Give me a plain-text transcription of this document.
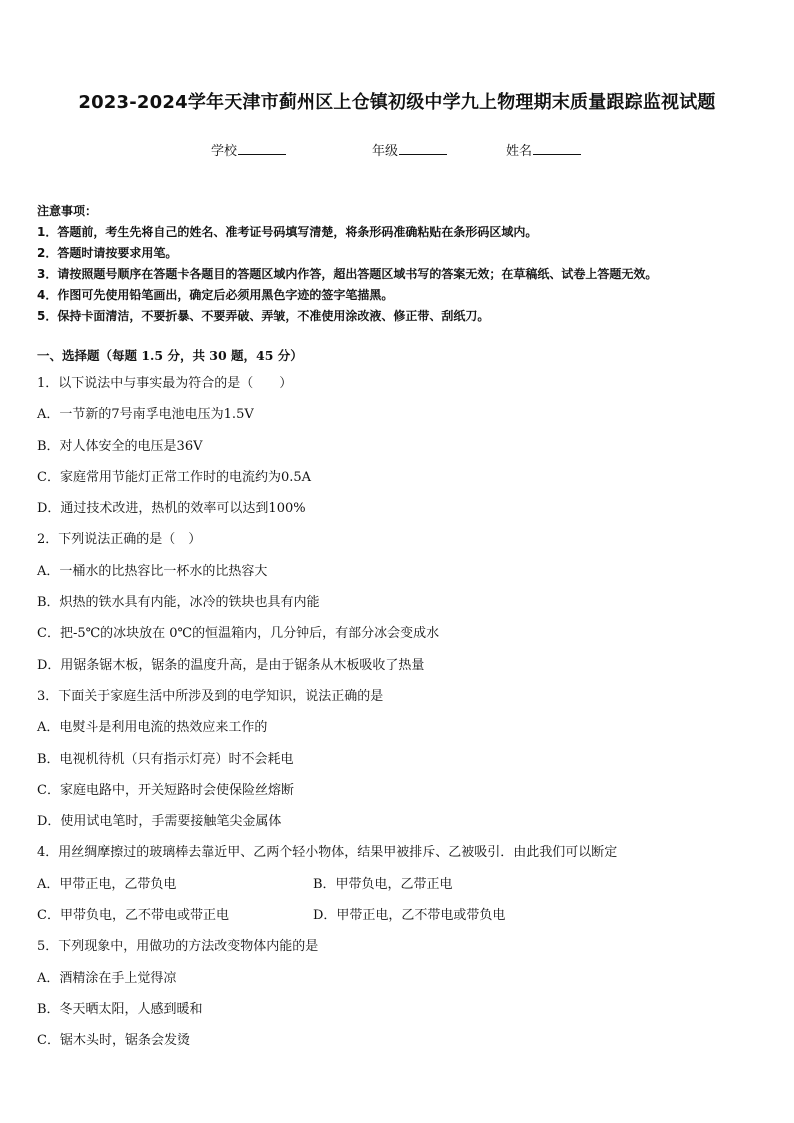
2023-2024学年天津市蓟州区上仓镇初级中学九上物理期末质量跟踪监视试题
学校	年级	姓名
注意事项：
1．答题前，考生先将自己的姓名、准考证号码填写清楚，将条形码准确粘贴在条形码区域内。
2．答题时请按要求用笔。
3．请按照题号顺序在答题卡各题目的答题区域内作答，超出答题区域书写的答案无效；在草稿纸、试卷上答题无效。
4．作图可先使用铅笔画出，确定后必须用黑色字迹的签字笔描黑。
5．保持卡面清洁，不要折暴、不要弄破、弄皱，不准使用涂改液、修正带、刮纸刀。
一、选择题（每题 1.5 分，共 30 题，45 分）
1．以下说法中与事实最为符合的是（　　）
A．一节新的7号南孚电池电压为1.5V
B．对人体安全的电压是36V
C．家庭常用节能灯正常工作时的电流约为0.5A
D．通过技术改进，热机的效率可以达到100%
2．下列说法正确的是（　）
A．一桶水的比热容比一杯水的比热容大
B．炽热的铁水具有内能，冰冷的铁块也具有内能
C．把-5℃的冰块放在 0℃的恒温箱内，几分钟后，有部分冰会变成水
D．用锯条锯木板，锯条的温度升高，是由于锯条从木板吸收了热量
3．下面关于家庭生活中所涉及到的电学知识，说法正确的是
A．电熨斗是利用电流的热效应来工作的
B．电视机待机（只有指示灯亮）时不会耗电
C．家庭电路中，开关短路时会使保险丝熔断
D．使用试电笔时，手需要接触笔尖金属体
4．用丝绸摩擦过的玻璃棒去靠近甲、乙两个轻小物体，结果甲被排斥、乙被吸引．由此我们可以断定
A．甲带正电，乙带负电	B．甲带负电，乙带正电
C．甲带负电，乙不带电或带正电	D．甲带正电，乙不带电或带负电
5．下列现象中，用做功的方法改变物体内能的是
A．酒精涂在手上觉得凉
B．冬天晒太阳，人感到暖和
C．锯木头时，锯条会发烫
